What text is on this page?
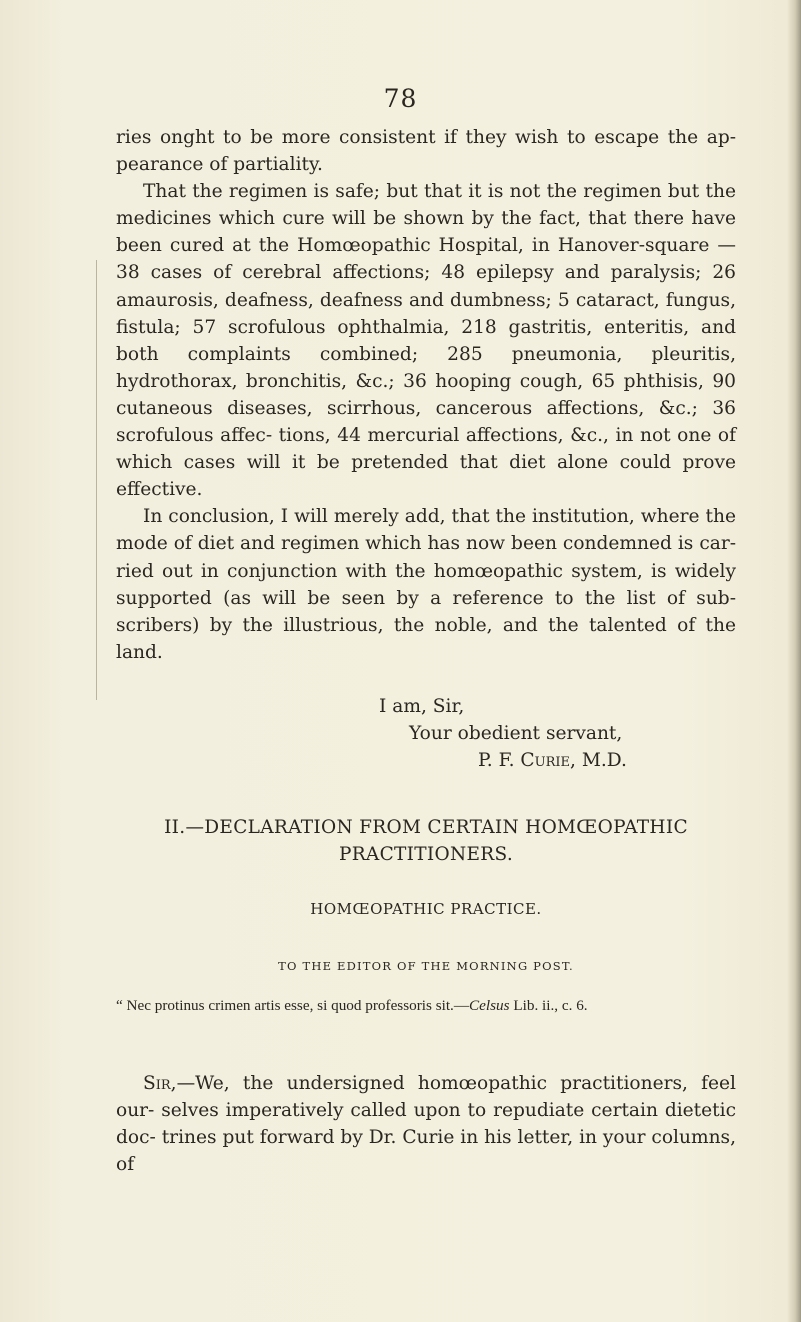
78

ries onght to be more consistent if they wish to escape the ap- pearance of partiality.

That the regimen is safe; but that it is not the regimen but the medicines which cure will be shown by the fact, that there have been cured at the Homœopathic Hospital, in Hanover-square —38 cases of cerebral affections; 48 epilepsy and paralysis; 26 amaurosis, deafness, deafness and dumbness; 5 cataract, fungus, fistula; 57 scrofulous ophthalmia, 218 gastritis, enteritis, and both complaints combined; 285 pneumonia, pleuritis, hydrothorax, bronchitis, &c.; 36 hooping cough, 65 phthisis, 90 cutaneous diseases, scirrhous, cancerous affections, &c.; 36 scrofulous affec- tions, 44 mercurial affections, &c., in not one of which cases will it be pretended that diet alone could prove effective.

In conclusion, I will merely add, that the institution, where the mode of diet and regimen which has now been condemned is car- ried out in conjunction with the homœopathic system, is widely supported (as will be seen by a reference to the list of sub- scribers) by the illustrious, the noble, and the talented of the land.

I am, Sir,
Your obedient servant,
P. F. Curie, M.D.
II.—DECLARATION FROM CERTAIN HOMŒOPATHIC
PRACTITIONERS.
HOMŒOPATHIC PRACTICE.
TO THE EDITOR OF THE MORNING POST.
“ Nec protinus crimen artis esse, si quod professoris sit.—Celsus Lib. ii., c. 6.

Sir,—We, the undersigned homœopathic practitioners, feel our- selves imperatively called upon to repudiate certain dietetic doc- trines put forward by Dr. Curie in his letter, in your columns, of
